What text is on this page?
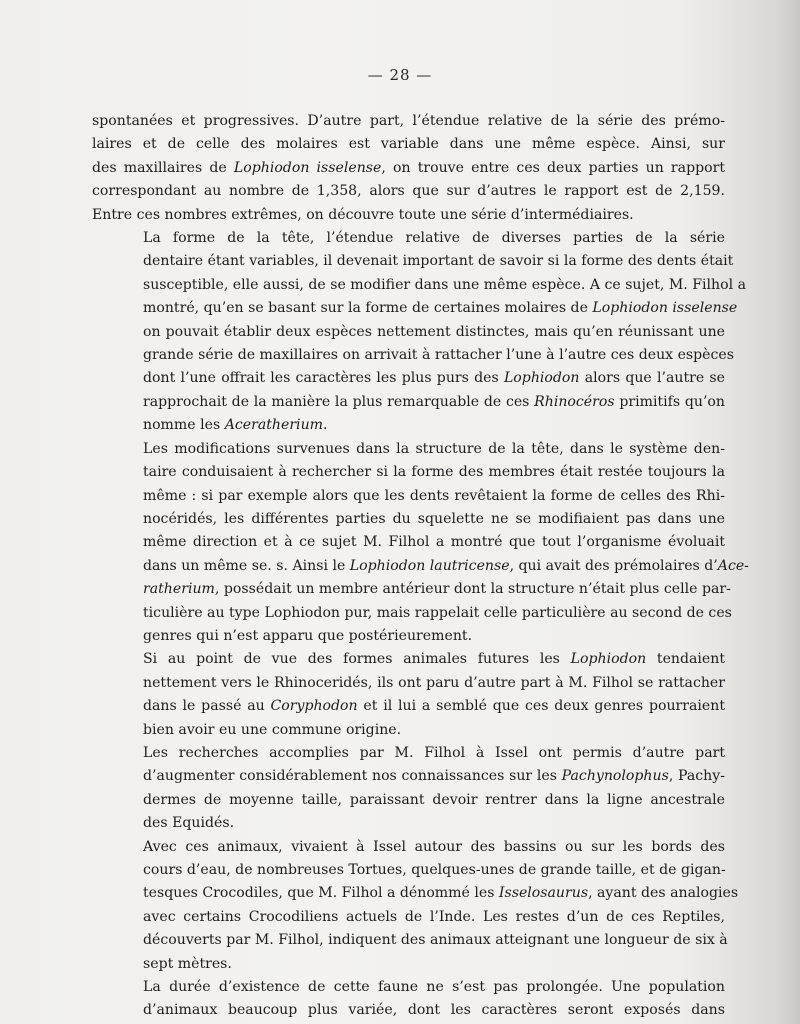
— 28 —

spontanées et progressives. D’autre part, l’étendue relative de la série des prémo-
laires et de celle des molaires est variable dans une même espèce. Ainsi, sur
des maxillaires de Lophiodon isselense, on trouve entre ces deux parties un rapport
correspondant au nombre de 1,358, alors que sur d’autres le rapport est de 2,159.
Entre ces nombres extrêmes, on découvre toute une série d’intermédiaires.

La forme de la tête, l’étendue relative de diverses parties de la série
dentaire étant variables, il devenait important de savoir si la forme des dents était
susceptible, elle aussi, de se modifier dans une même espèce. A ce sujet, M. Filhol a
montré, qu’en se basant sur la forme de certaines molaires de Lophiodon isselense
on pouvait établir deux espèces nettement distinctes, mais qu’en réunissant une
grande série de maxillaires on arrivait à rattacher l’une à l’autre ces deux espèces
dont l’une offrait les caractères les plus purs des Lophiodon alors que l’autre se
rapprochait de la manière la plus remarquable de ces Rhinocéros primitifs qu’on
nomme les Aceratherium.

Les modifications survenues dans la structure de la tête, dans le système den-
taire conduisaient à rechercher si la forme des membres était restée toujours la
même : si par exemple alors que les dents revêtaient la forme de celles des Rhi-
nocéridés, les différentes parties du squelette ne se modifiaient pas dans une
même direction et à ce sujet M. Filhol a montré que tout l’organisme évoluait
dans un même se. s. Ainsi le Lophiodon lautricense, qui avait des prémolaires d’Ace-
ratherium, possédait un membre antérieur dont la structure n’était plus celle par-
ticulière au type Lophiodon pur, mais rappelait celle particulière au second de ces
genres qui n’est apparu que postérieurement.

Si au point de vue des formes animales futures les Lophiodon tendaient
nettement vers le Rhinoceridés, ils ont paru d’autre part à M. Filhol se rattacher
dans le passé au Coryphodon et il lui a semblé que ces deux genres pourraient
bien avoir eu une commune origine.

Les recherches accomplies par M. Filhol à Issel ont permis d’autre part
d’augmenter considérablement nos connaissances sur les Pachynolophus, Pachy-
dermes de moyenne taille, paraissant devoir rentrer dans la ligne ancestrale
des Equidés.

Avec ces animaux, vivaient à Issel autour des bassins ou sur les bords des
cours d’eau, de nombreuses Tortues, quelques-unes de grande taille, et de gigan-
tesques Crocodiles, que M. Filhol a dénommé les Isselosaurus, ayant des analogies
avec certains Crocodiliens actuels de l’Inde. Les restes d’un de ces Reptiles,
découverts par M. Filhol, indiquent des animaux atteignant une longueur de six à
sept mètres.

La durée d’existence de cette faune ne s’est pas prolongée. Une population
d’animaux beaucoup plus variée, dont les caractères seront exposés dans
